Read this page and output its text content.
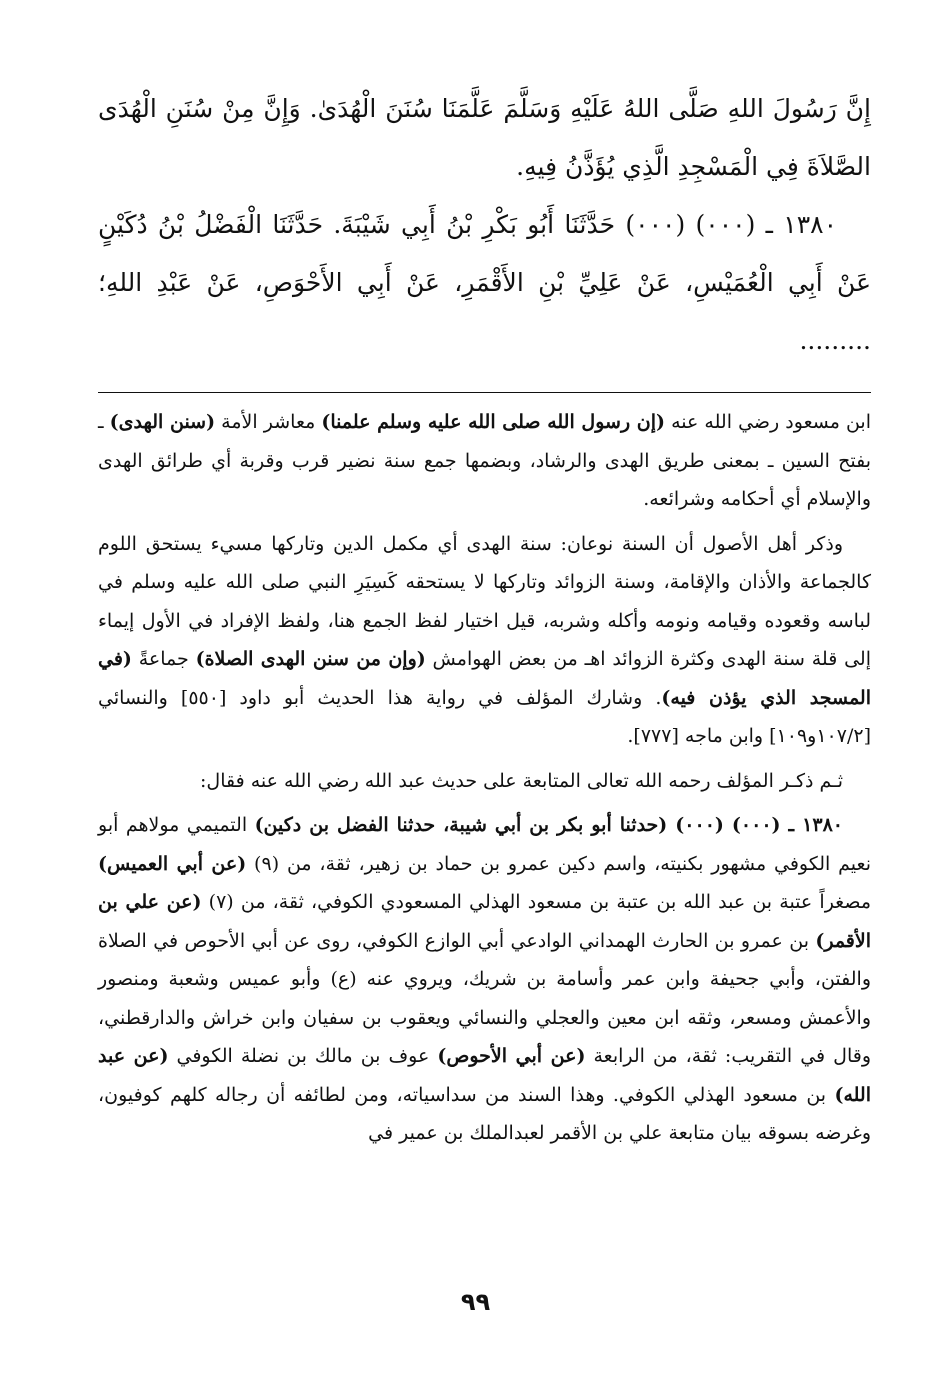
إِنَّ رَسُولَ اللهِ صَلَّى اللهُ عَلَيْهِ وَسَلَّمَ عَلَّمَنَا سُنَنَ الْهُدَىٰ. وَإِنَّ مِنْ سُنَنِ الْهُدَى الصَّلاَةَ فِي الْمَسْجِدِ الَّذِي يُؤَذَّنُ فِيهِ.

١٣٨٠ ـ (٠٠٠) (٠٠٠) حَدَّثَنَا أَبُو بَكْرِ بْنُ أَبِي شَيْبَةَ. حَدَّثَنَا الْفَضْلُ بْنُ دُكَيْنٍ عَنْ أَبِي الْعُمَيْسِ، عَنْ عَلِيِّ بْنِ الأَقْمَرِ، عَنْ أَبِي الأَحْوَصِ، عَنْ عَبْدِ اللهِ؛ .........

ابن مسعود رضي الله عنه (إن رسول الله صلى الله عليه وسلم علمنا) معاشر الأمة (سنن الهدى) ـ بفتح السين ـ بمعنى طريق الهدى والرشاد، وبضمها جمع سنة نضير قرب وقربة أي طرائق الهدى والإسلام أي أحكامه وشرائعه.

وذكر أهل الأصول أن السنة نوعان: سنة الهدى أي مكمل الدين وتاركها مسيء يستحق اللوم كالجماعة والأذان والإقامة، وسنة الزوائد وتاركها لا يستحقه كَسِيَرِ النبي صلى الله عليه وسلم في لباسه وقعوده وقيامه ونومه وأكله وشربه، قيل اختيار لفظ الجمع هنا، ولفظ الإفراد في الأول إيماء إلى قلة سنة الهدى وكثرة الزوائد اهـ من بعض الهوامش (وإن من سنن الهدى الصلاة) جماعةً (في المسجد الذي يؤذن فيه). وشارك المؤلف في رواية هذا الحديث أبو داود [٥٥٠] والنسائي [١٠٧/٢و١٠٩] وابن ماجه [٧٧٧].

ثـم ذكـر المؤلف رحمه الله تعالى المتابعة على حديث عبد الله رضي الله عنه فقال:

١٣٨٠ ـ (٠٠٠) (٠٠٠) (حدثنا أبو بكر بن أبي شيبة، حدثنا الفضل بن دكين) التميمي مولاهم أبو نعيم الكوفي مشهور بكنيته، واسم دكين عمرو بن حماد بن زهير، ثقة، من (٩) (عن أبي العميس) مصغراً عتبة بن عبد الله بن عتبة بن مسعود الهذلي المسعودي الكوفي، ثقة، من (٧) (عن علي بن الأقمر) بن عمرو بن الحارث الهمداني الوادعي أبي الوازع الكوفي، روى عن أبي الأحوص في الصلاة والفتن، وأبي جحيفة وابن عمر وأسامة بن شريك، ويروي عنه (ع) وأبو عميس وشعبة ومنصور والأعمش ومسعر، وثقه ابن معين والعجلي والنسائي ويعقوب بن سفيان وابن خراش والدارقطني، وقال في التقريب: ثقة، من الرابعة (عن أبي الأحوص) عوف بن مالك بن نضلة الكوفي (عن عبد الله) بن مسعود الهذلي الكوفي. وهذا السند من سداسياته، ومن لطائفه أن رجاله كلهم كوفيون، وغرضه بسوقه بيان متابعة علي بن الأقمر لعبدالملك بن عمير في

٩٩
